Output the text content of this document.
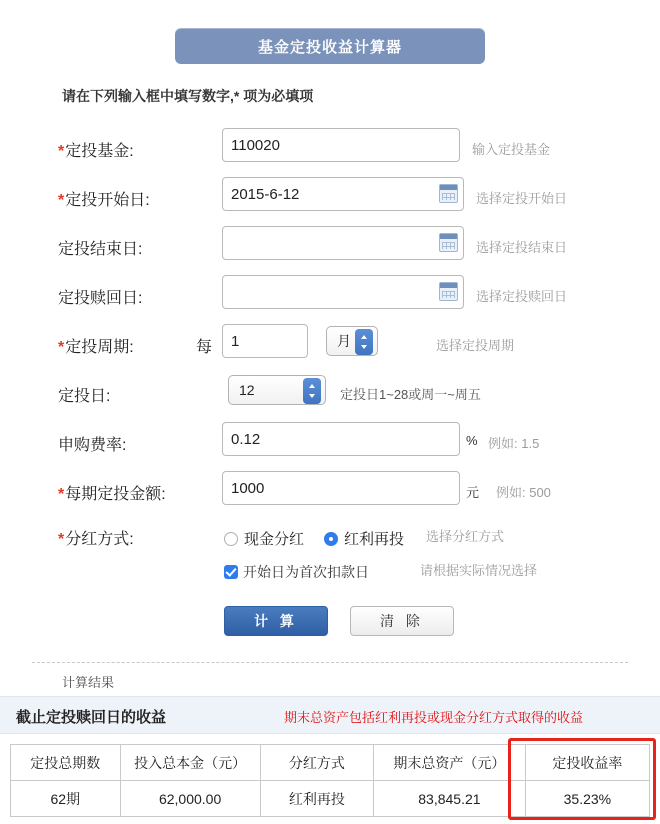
基金定投收益计算器
请在下列输入框中填写数字,* 项为必填项
*定投基金:
110020	输入定投基金
*定投开始日:
2015-6-12	选择定投开始日
定投结束日:	选择定投结束日
定投赎回日:	选择定投赎回日
*定投周期:	每
1	月	选择定投周期
定投日:	12	定投日1~28或周一~周五
申购费率:
0.12	% 例如: 1.5
*每期定投金额:
1000	元 例如: 500
*分红方式:	现金分红	红利再投 选择分红方式
开始日为首次扣款日	请根据实际情况选择
计 算	清 除
计算结果
截止定投赎回日的收益	期末总资产包括红利再投或现金分红方式取得的收益
定投总期数	投入总本金（元）	分红方式	期末总资产（元）	定投收益率
62期	62,000.00	红利再投	83,845.21	35.23%
